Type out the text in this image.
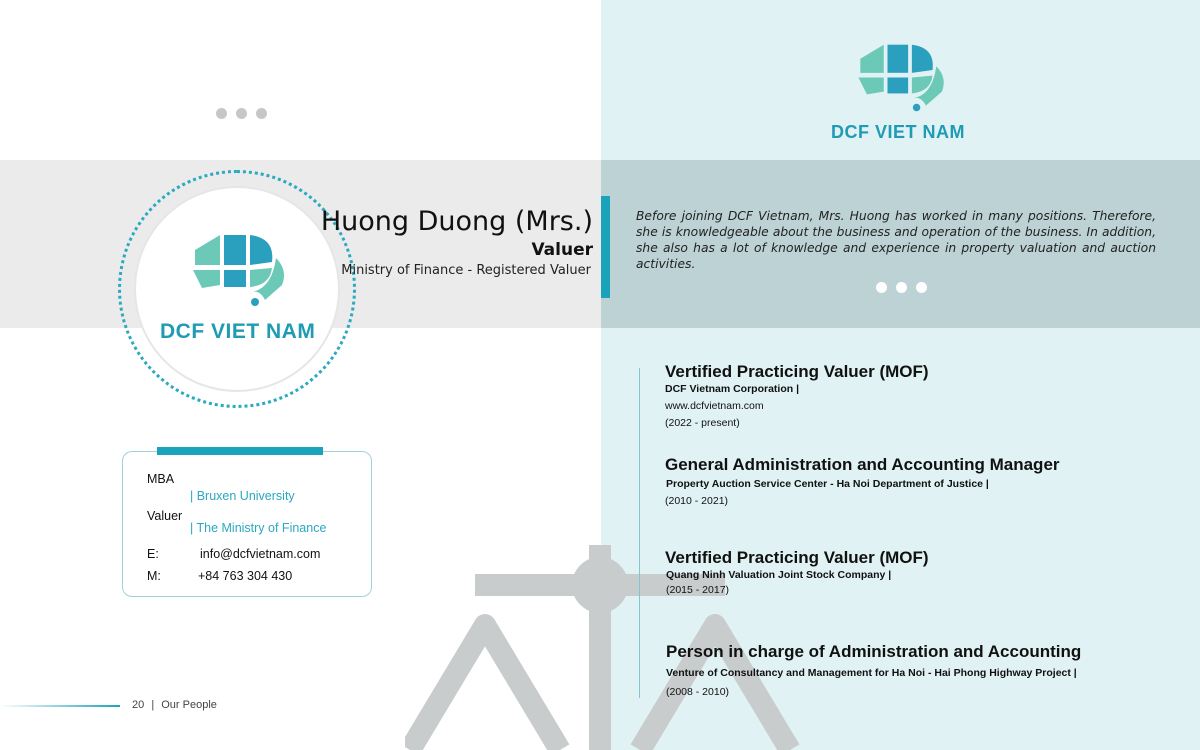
DCF VIET NAM
DCF VIET NAM
Huong Duong (Mrs.)
Valuer
Ministry of Finance - Registered Valuer
Before joining DCF Vietnam, Mrs. Huong has worked in many positions. Therefore, she is knowledgeable about the business and operation of the business. In addition, she also has a lot of knowledge and experience in property valuation and auction activities.
MBA
| Bruxen University
Valuer
| The Ministry of Finance
E:	info@dcfvietnam.com
M:	+84 763 304 430
20 | Our People
Vertified Practicing Valuer (MOF)
DCF Vietnam Corporation |
www.dcfvietnam.com
(2022 - present)
General Administration and Accounting Manager
Property Auction Service Center - Ha Noi Department of Justice |
(2010 - 2021)
Vertified Practicing Valuer (MOF)
Quang Ninh Valuation Joint Stock Company |
(2015 - 2017)
Person in charge of Administration and Accounting
Venture of Consultancy and Management for Ha Noi - Hai Phong Highway Project |
(2008 - 2010)
